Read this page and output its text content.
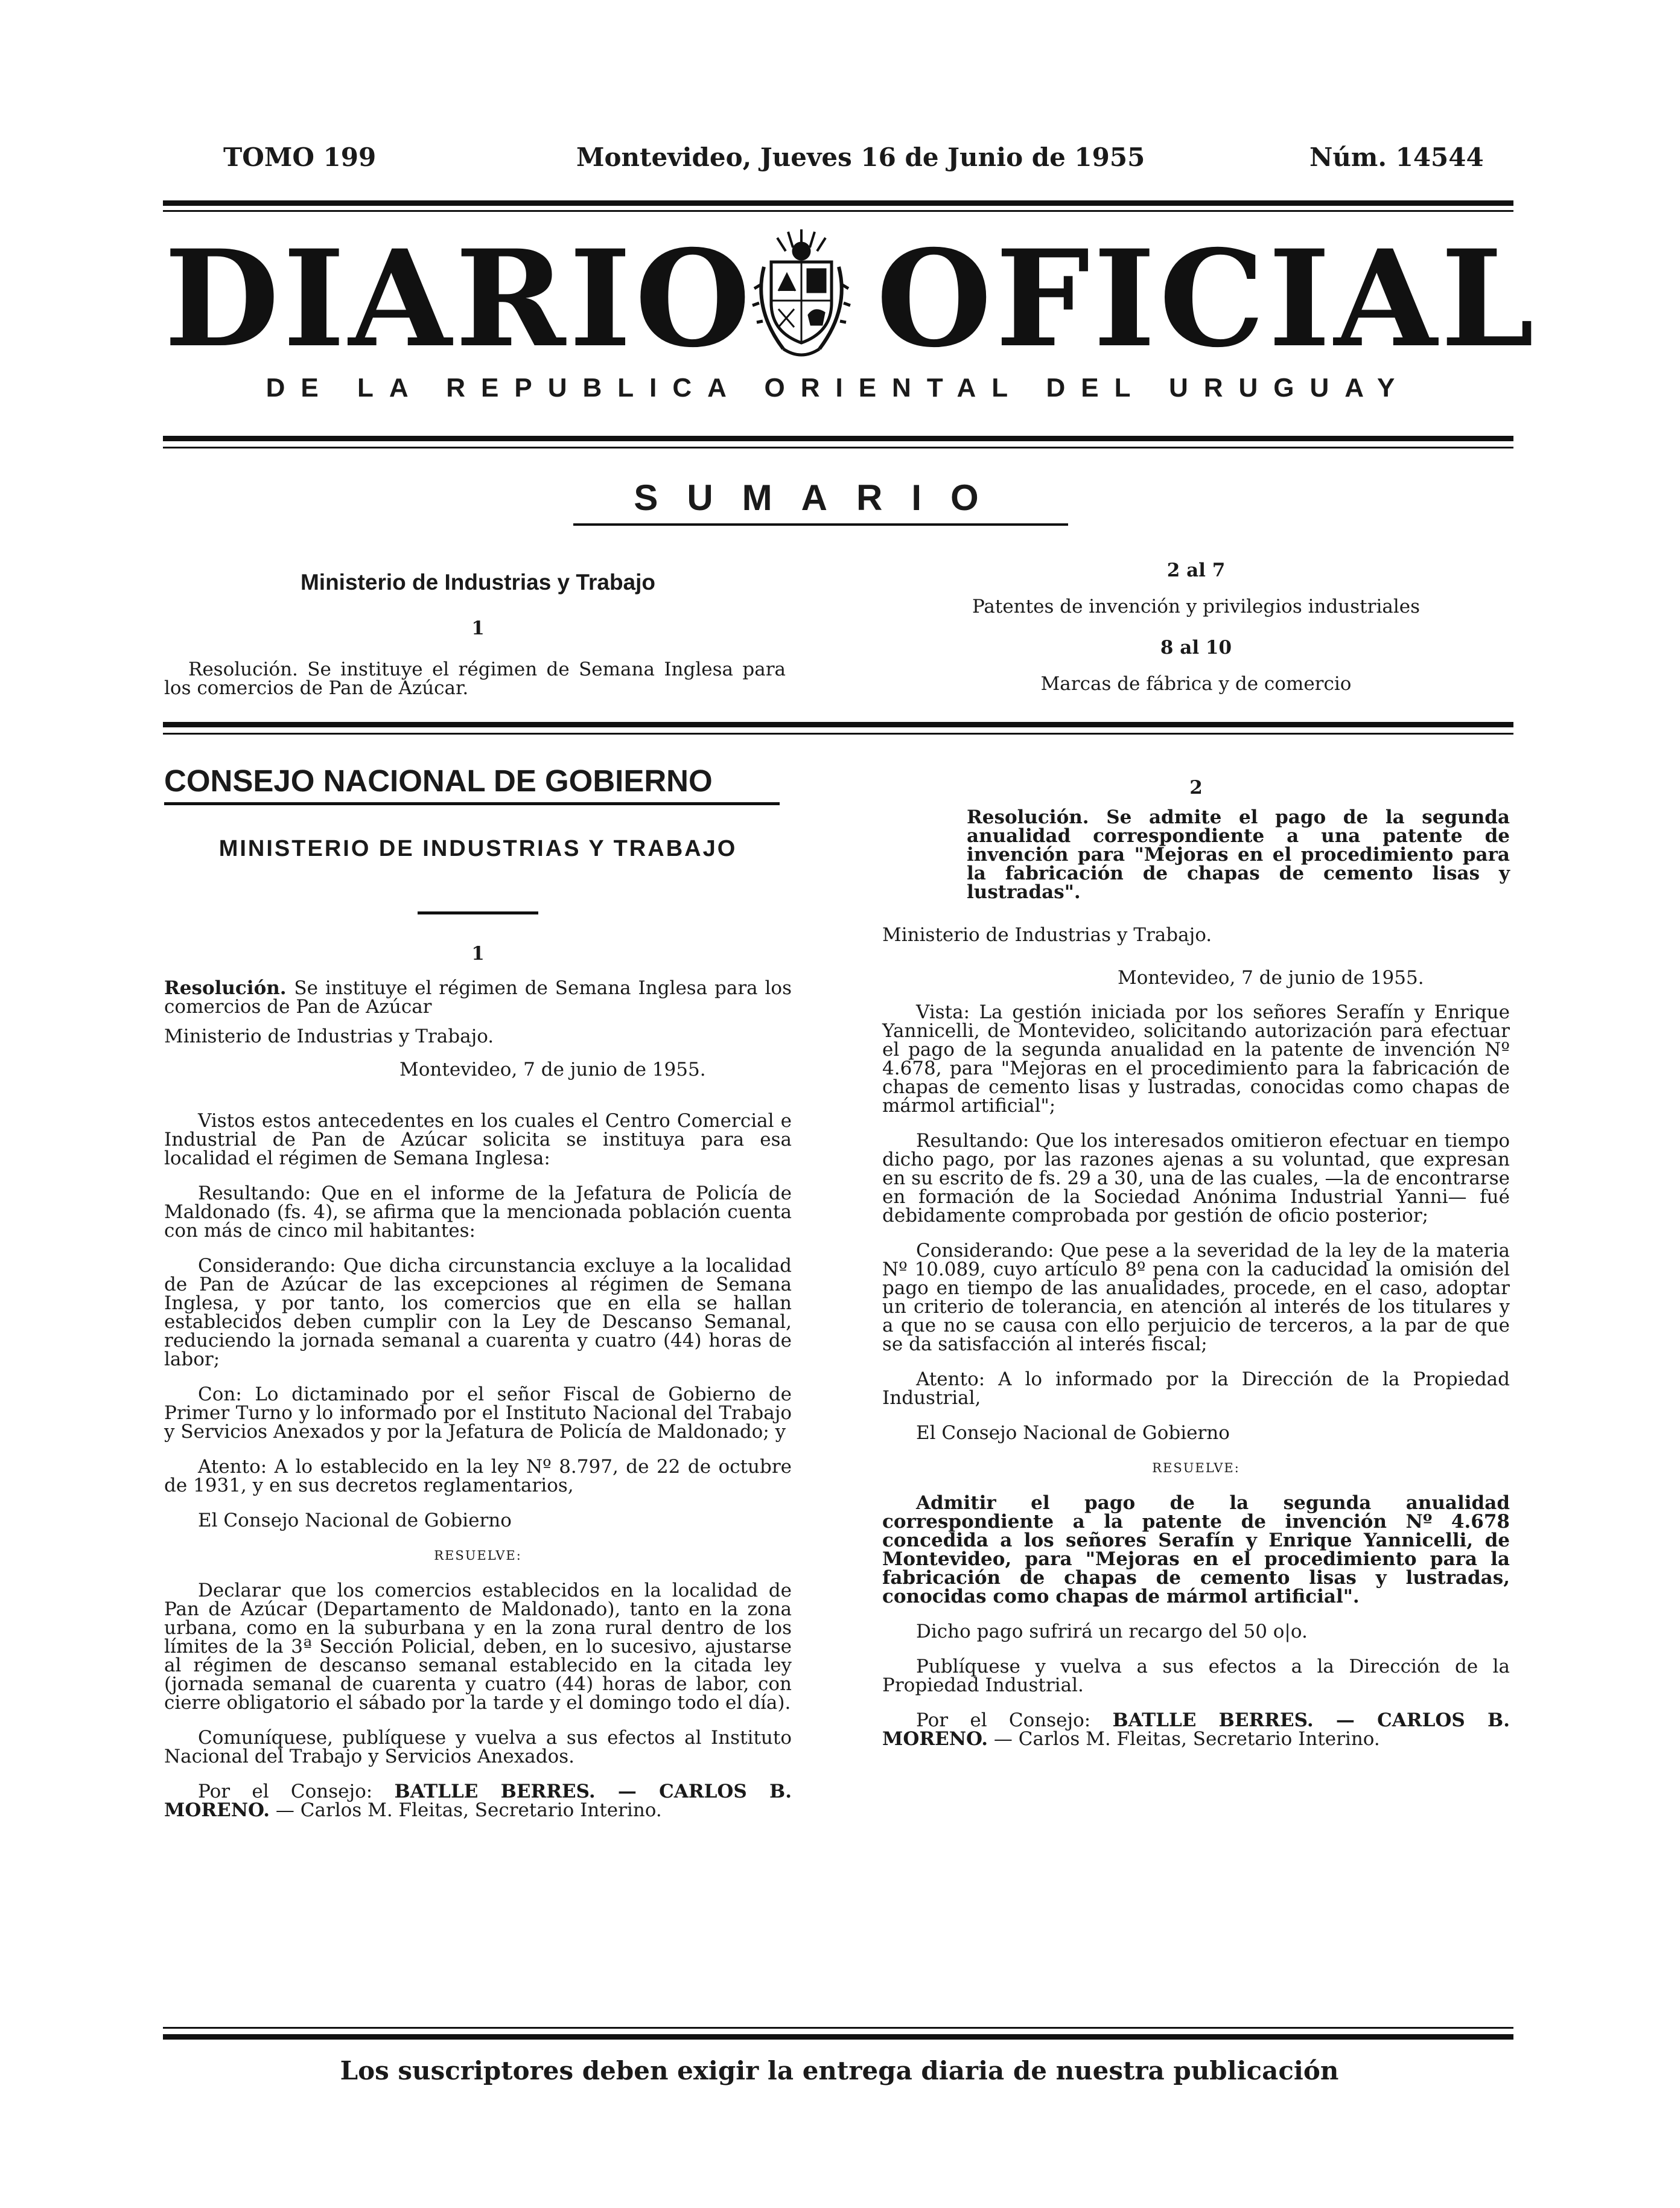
TOMO 199	Montevideo, Jueves 16 de Junio de 1955	Núm. 14544
DIARIO OFICIAL
DE LA REPUBLICA ORIENTAL DEL URUGUAY
SUMARIO
Ministerio de Industrias y Trabajo
1

Resolución. Se instituye el régimen de Semana Inglesa para los comercios de Pan de Azúcar.

2 al 7
Patentes de invención y privilegios industriales
8 al 10
Marcas de fábrica y de comercio
CONSEJO NACIONAL DE GOBIERNO
MINISTERIO DE INDUSTRIAS Y TRABAJO

1

Resolución. Se instituye el régimen de Semana Inglesa para los comercios de Pan de Azúcar

Ministerio de Industrias y Trabajo.

Montevideo, 7 de junio de 1955.

Vistos estos antecedentes en los cuales el Centro Comercial e Industrial de Pan de Azúcar solicita se instituya para esa localidad el régimen de Semana Inglesa:

Resultando: Que en el informe de la Jefatura de Policía de Maldonado (fs. 4), se afirma que la mencionada población cuenta con más de cinco mil habitantes:

Considerando: Que dicha circunstancia excluye a la localidad de Pan de Azúcar de las excepciones al régimen de Semana Inglesa, y por tanto, los comercios que en ella se hallan establecidos deben cumplir con la Ley de Descanso Semanal, reduciendo la jornada semanal a cuarenta y cuatro (44) horas de labor;

Con: Lo dictaminado por el señor Fiscal de Gobierno de Primer Turno y lo informado por el Instituto Nacional del Trabajo y Servicios Anexados y por la Jefatura de Policía de Maldonado; y

Atento: A lo establecido en la ley Nº 8.797, de 22 de octubre de 1931, y en sus decretos reglamentarios,

El Consejo Nacional de Gobierno

RESUELVE:

Declarar que los comercios establecidos en la localidad de Pan de Azúcar (Departamento de Maldonado), tanto en la zona urbana, como en la suburbana y en la zona rural dentro de los límites de la 3ª Sección Policial, deben, en lo sucesivo, ajustarse al régimen de descanso semanal establecido en la citada ley (jornada semanal de cuarenta y cuatro (44) horas de labor, con cierre obligatorio el sábado por la tarde y el domingo todo el día).

Comuníquese, publíquese y vuelva a sus efectos al Instituto Nacional del Trabajo y Servicios Anexados.

Por el Consejo: BATLLE BERRES. — CARLOS B. MORENO. — Carlos M. Fleitas, Secretario Interino.

2

Resolución. Se admite el pago de la segunda anualidad correspondiente a una patente de invención para "Mejoras en el procedimiento para la fabricación de chapas de cemento lisas y lustradas".

Ministerio de Industrias y Trabajo.

Montevideo, 7 de junio de 1955.

Vista: La gestión iniciada por los señores Serafín y Enrique Yannicelli, de Montevideo, solicitando autorización para efectuar el pago de la segunda anualidad en la patente de invención Nº 4.678, para "Mejoras en el procedimiento para la fabricación de chapas de cemento lisas y lustradas, conocidas como chapas de mármol artificial";

Resultando: Que los interesados omitieron efectuar en tiempo dicho pago, por las razones ajenas a su voluntad, que expresan en su escrito de fs. 29 a 30, una de las cuales, —la de encontrarse en formación de la Sociedad Anónima Industrial Yanni— fué debidamente comprobada por gestión de oficio posterior;

Considerando: Que pese a la severidad de la ley de la materia Nº 10.089, cuyo artículo 8º pena con la caducidad la omisión del pago en tiempo de las anualidades, procede, en el caso, adoptar un criterio de tolerancia, en atención al interés de los titulares y a que no se causa con ello perjuicio de terceros, a la par de que se da satisfacción al interés fiscal;

Atento: A lo informado por la Dirección de la Propiedad Industrial,

El Consejo Nacional de Gobierno

RESUELVE:

Admitir el pago de la segunda anualidad correspondiente a la patente de invención Nº 4.678 concedida a los señores Serafín y Enrique Yannicelli, de Montevideo, para "Mejoras en el procedimiento para la fabricación de chapas de cemento lisas y lustradas, conocidas como chapas de mármol artificial".

Dicho pago sufrirá un recargo del 50 o|o.

Publíquese y vuelva a sus efectos a la Dirección de la Propiedad Industrial.

Por el Consejo: BATLLE BERRES. — CARLOS B. MORENO. — Carlos M. Fleitas, Secretario Interino.

Los suscriptores deben exigir la entrega diaria de nuestra publicación
